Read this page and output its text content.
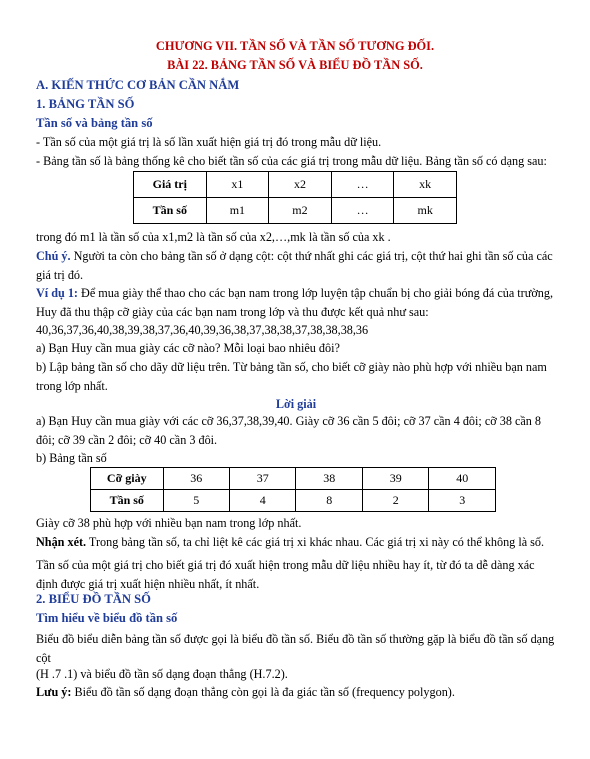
CHƯƠNG VII. TẦN SỐ VÀ TẦN SỐ TƯƠNG ĐỐI.
BÀI 22. BẢNG TẦN SỐ VÀ BIỂU ĐỒ TẦN SỐ.
A. KIẾN THỨC CƠ BẢN CẦN NẮM
1. BẢNG TẦN SỐ
Tần số và bảng tần số
- Tần số của một giá trị là số lần xuất hiện giá trị đó trong mẫu dữ liệu.
- Bảng tần số là bảng thống kê cho biết tần số của các giá trị trong mẫu dữ liệu. Bảng tần số có dạng sau:
Giá trị	x1	x2	…	xk
Tần số	m1	m2	…	mk
trong đó m1 là tần số của x1,m2 là tần số của x2,…,mk là tần số của xk .
Chú ý. Người ta còn cho bảng tần số ở dạng cột: cột thứ nhất ghi các giá trị, cột thứ hai ghi tần số của các giá trị đó.
Ví dụ 1: Để mua giày thể thao cho các bạn nam trong lớp luyện tập chuẩn bị cho giải bóng đá của trường, Huy đã thu thập cỡ giày của các bạn nam trong lớp và thu được kết quả như sau:
40,36,37,36,40,38,39,38,37,36,40,39,36,38,37,38,38,37,38,38,38,36
a) Bạn Huy cần mua giày các cỡ nào? Mỗi loại bao nhiêu đôi?
b) Lập bảng tần số cho dãy dữ liệu trên. Từ bảng tần số, cho biết cỡ giày nào phù hợp với nhiều bạn nam trong lớp nhất.
Lời giải
a) Bạn Huy cần mua giày với các cỡ 36,37,38,39,40. Giày cỡ 36 cần 5 đôi; cỡ 37 cần 4 đôi; cỡ 38 cần 8 đôi; cỡ 39 cần 2 đôi; cỡ 40 cần 3 đôi.
b) Bảng tần số
Cỡ giày	36	37	38	39	40
Tần số	5	4	8	2	3
Giày cỡ 38 phù hợp với nhiều bạn nam trong lớp nhất.
Nhận xét. Trong bảng tần số, ta chỉ liệt kê các giá trị xi khác nhau. Các giá trị xi này có thể không là số.
Tần số của một giá trị cho biết giá trị đó xuất hiện trong mẫu dữ liệu nhiều hay ít, từ đó ta dễ dàng xác định được giá trị xuất hiện nhiều nhất, ít nhất.
2. BIỂU ĐỒ TẦN SỐ
Tìm hiểu về biểu đồ tần số
Biểu đồ biểu diễn bảng tần số được gọi là biểu đồ tần số. Biểu đồ tần số thường gặp là biểu đồ tần số dạng cột
(H .7 .1) và biểu đồ tần số dạng đoạn thẳng (H.7.2).
Lưu ý: Biểu đồ tần số dạng đoạn thẳng còn gọi là đa giác tần số (frequency polygon).
